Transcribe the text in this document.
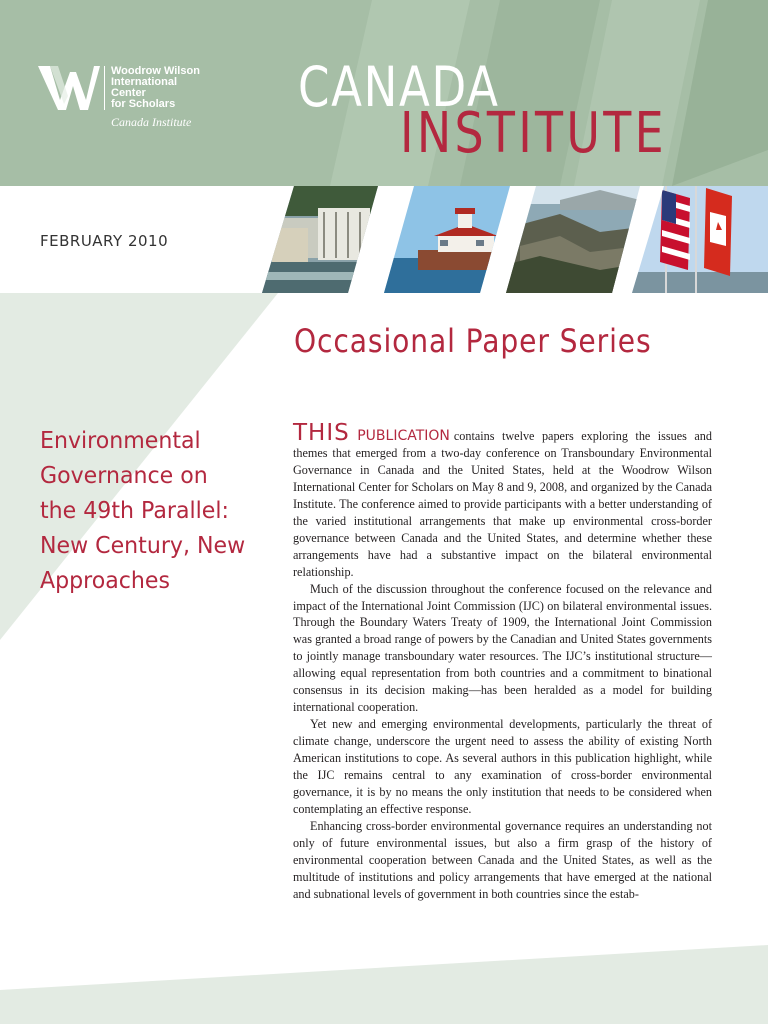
Woodrow Wilson
International
Center
for Scholars
Canada Institute
CANADA
INSTITUTE
FEBRUARY 2010
Occasional Paper Series
Environmental
Governance on
the 49th Parallel:
New Century, New
Approaches

THIS PUBLICATION contains twelve papers exploring the issues and themes that emerged from a two-day conference on Transboundary Environmental Governance in Canada and the United States, held at the Woodrow Wilson International Center for Scholars on May 8 and 9, 2008, and organized by the Canada Institute. The conference aimed to provide participants with a better understanding of the varied institutional arrangements that make up environmental cross-border governance between Canada and the United States, and determine whether these arrangements have had a substantive impact on the bilateral environmental relationship.

Much of the discussion throughout the conference focused on the relevance and impact of the International Joint Commission (IJC) on bilateral environmental issues. Through the Boundary Waters Treaty of 1909, the International Joint Commission was granted a broad range of powers by the Canadian and United States governments to jointly manage transboundary water resources. The IJC’s institutional structure—allowing equal representation from both countries and a commitment to binational consensus in its decision making—has been heralded as a model for building international cooperation.

Yet new and emerging environmental developments, particularly the threat of climate change, underscore the urgent need to assess the ability of existing North American institutions to cope. As several authors in this publication highlight, while the IJC remains central to any examination of cross-border environmental governance, it is by no means the only institution that needs to be considered when contemplating an effective response.

Enhancing cross-border environmental governance requires an understanding not only of future environmental issues, but also a firm grasp of the history of environmental cooperation between Canada and the United States, as well as the multitude of institutions and policy arrangements that have emerged at the national and subnational levels of government in both countries since the estab-
